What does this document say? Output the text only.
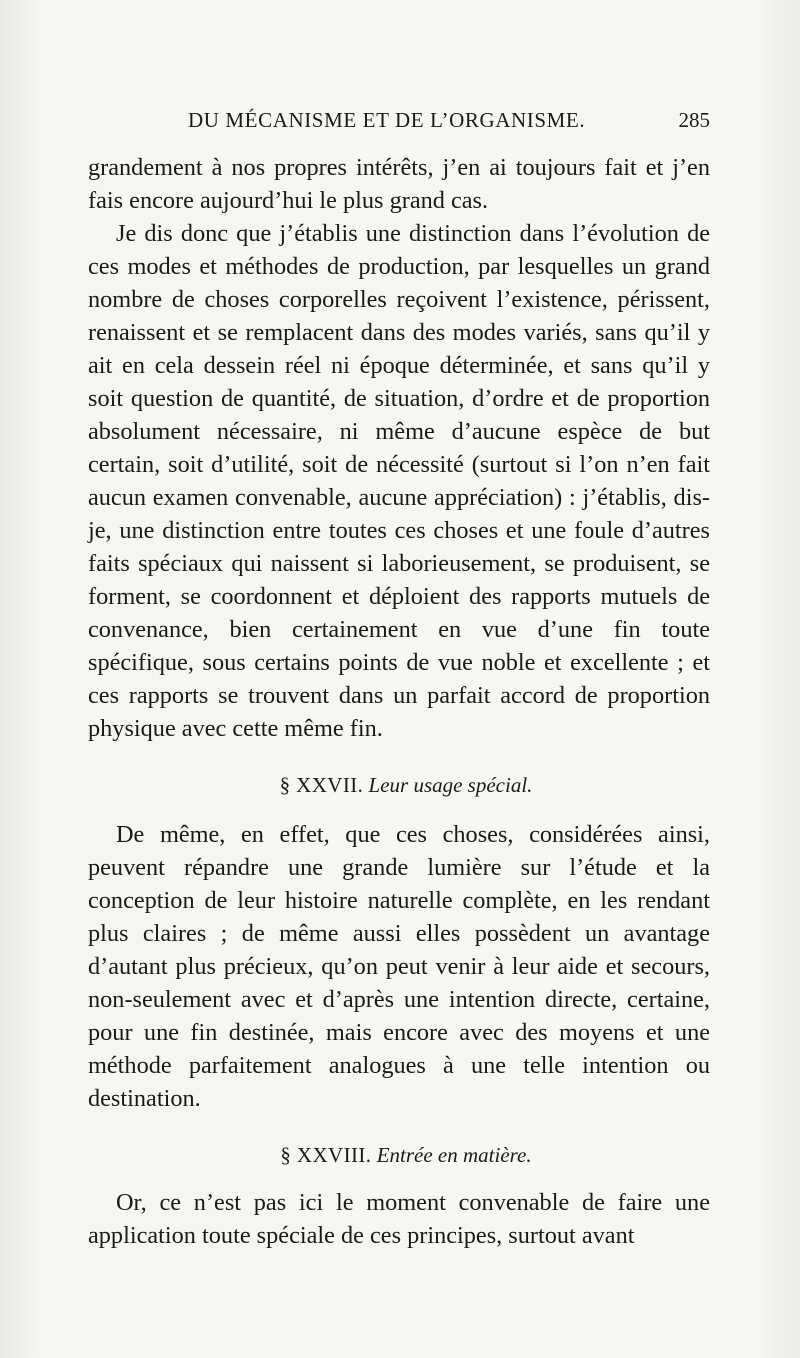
DU MÉCANISME ET DE L’ORGANISME.	285

grandement à nos propres intérêts, j’en ai toujours fait et j’en fais encore aujourd’hui le plus grand cas.

Je dis donc que j’établis une distinction dans l’évolution de ces modes et méthodes de production, par lesquelles un grand nombre de choses corporelles reçoivent l’existence, périssent, renaissent et se remplacent dans des modes variés, sans qu’il y ait en cela dessein réel ni époque déterminée, et sans qu’il y soit question de quantité, de situation, d’ordre et de proportion absolument nécessaire, ni même d’aucune espèce de but certain, soit d’utilité, soit de nécessité (surtout si l’on n’en fait aucun examen convenable, aucune appréciation) : j’établis, dis-je, une distinction entre toutes ces choses et une foule d’autres faits spéciaux qui naissent si laborieusement, se produisent, se forment, se coordonnent et déploient des rapports mutuels de convenance, bien certainement en vue d’une fin toute spécifique, sous certains points de vue noble et excellente ; et ces rapports se trouvent dans un parfait accord de proportion physique avec cette même fin.

§ XXVII. Leur usage spécial.

De même, en effet, que ces choses, considérées ainsi, peuvent répandre une grande lumière sur l’étude et la conception de leur histoire naturelle complète, en les rendant plus claires ; de même aussi elles possèdent un avantage d’autant plus précieux, qu’on peut venir à leur aide et secours, non-seulement avec et d’après une intention directe, certaine, pour une fin destinée, mais encore avec des moyens et une méthode parfaitement analogues à une telle intention ou destination.

§ XXVIII. Entrée en matière.

Or, ce n’est pas ici le moment convenable de faire une application toute spéciale de ces principes, surtout avant
